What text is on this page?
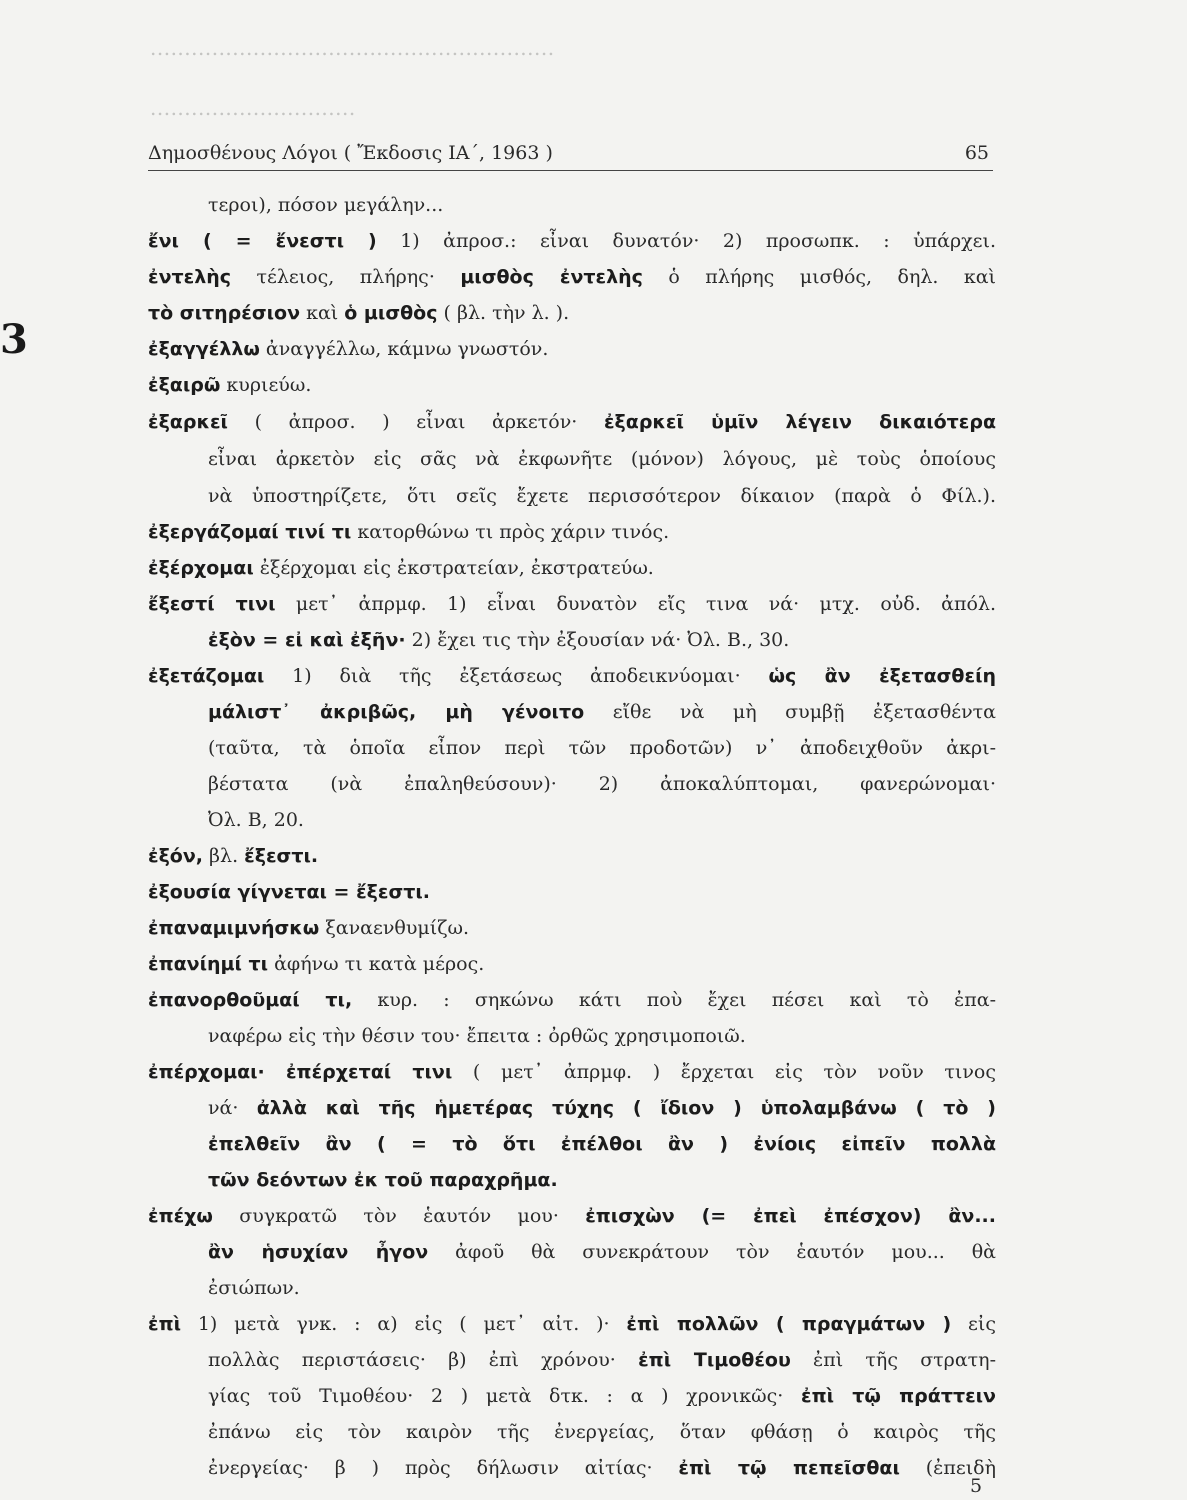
...........................................................
..............................
3
Δημοσθένους Λόγοι ( Ἔκδοσις ΙΑ΄, 1963 )	65
τεροι), πόσον μεγάλην...
ἔνι ( = ἔνεστι ) 1) ἀπροσ.: εἶναι δυνατόν· 2) προσωπκ. : ὑπάρχει.
ἐντελὴς τέλειος, πλήρης· μισθὸς ἐντελὴς ὁ πλήρης μισθός, δηλ. καὶ
τὸ σιτηρέσιον καὶ ὁ μισθὸς ( βλ. τὴν λ. ).
ἐξαγγέλλω ἀναγγέλλω, κάμνω γνωστόν.
ἐξαιρῶ κυριεύω.
ἐξαρκεῖ ( ἀπροσ. ) εἶναι ἀρκετόν· ἐξαρκεῖ ὑμῖν λέγειν δικαιότερα
εἶναι ἀρκετὸν εἰς σᾶς νὰ ἐκφωνῆτε (μόνον) λόγους, μὲ τοὺς ὁποίους
νὰ ὑποστηρίζετε, ὅτι σεῖς ἔχετε περισσότερον δίκαιον (παρὰ ὁ Φίλ.).
ἐξεργάζομαί τινί τι κατορθώνω τι πρὸς χάριν τινός.
ἐξέρχομαι ἐξέρχομαι εἰς ἐκστρατείαν, ἐκστρατεύω.
ἔξεστί τινι μετ᾽ ἀπρμφ. 1) εἶναι δυνατὸν εἴς τινα νά· μτχ. οὐδ. ἀπόλ.
ἐξὸν = εἰ καὶ ἐξῆν· 2) ἔχει τις τὴν ἐξουσίαν νά· Ὀλ. Β., 30.
ἐξετάζομαι 1) διὰ τῆς ἐξετάσεως ἀποδεικνύομαι· ὡς ἂν ἐξετασθείη
μάλιστ᾽ ἀκριβῶς, μὴ γένοιτο εἴθε νὰ μὴ συμβῇ ἐξετασθέντα
(ταῦτα, τὰ ὁποῖα εἶπον περὶ τῶν προδοτῶν) ν᾽ ἀποδειχθοῦν ἀκρι-
βέστατα (νὰ ἐπαληθεύσουν)· 2) ἀποκαλύπτομαι, φανερώνομαι·
Ὀλ. Β, 20.
ἐξόν, βλ. ἔξεστι.
ἐξουσία γίγνεται = ἔξεστι.
ἐπαναμιμνήσκω ξαναενθυμίζω.
ἐπανίημί τι ἀφήνω τι κατὰ μέρος.
ἐπανορθοῦμαί τι, κυρ. : σηκώνω κάτι ποὺ ἔχει πέσει καὶ τὸ ἐπα-
ναφέρω εἰς τὴν θέσιν του· ἔπειτα : ὀρθῶς χρησιμοποιῶ.
ἐπέρχομαι· ἐπέρχεταί τινι ( μετ᾽ ἀπρμφ. ) ἔρχεται εἰς τὸν νοῦν τινος
νά· ἀλλὰ καὶ τῆς ἡμετέρας τύχης ( ἴδιον ) ὑπολαμβάνω ( τὸ )
ἐπελθεῖν ἂν ( = τὸ ὅτι ἐπέλθοι ἂν ) ἐνίοις εἰπεῖν πολλὰ
τῶν δεόντων ἐκ τοῦ παραχρῆμα.
ἐπέχω συγκρατῶ τὸν ἑαυτόν μου· ἐπισχὼν (= ἐπεὶ ἐπέσχον) ἂν...
ἂν ἡσυχίαν ἦγον ἀφοῦ θὰ συνεκράτουν τὸν ἑαυτόν μου... θὰ
ἐσιώπων.
ἐπὶ 1) μετὰ γνκ. : α) εἰς ( μετ᾽ αἰτ. )· ἐπὶ πολλῶν ( πραγμάτων ) εἰς
πολλὰς περιστάσεις· β) ἐπὶ χρόνου· ἐπὶ Τιμοθέου ἐπὶ τῆς στρατη-
γίας τοῦ Τιμοθέου· 2 ) μετὰ δτκ. : α ) χρονικῶς· ἐπὶ τῷ πράττειν
ἐπάνω εἰς τὸν καιρὸν τῆς ἐνεργείας, ὅταν φθάσῃ ὁ καιρὸς τῆς
ἐνεργείας· β ) πρὸς δήλωσιν αἰτίας· ἐπὶ τῷ πεπεῖσθαι (ἐπειδὴ
5
